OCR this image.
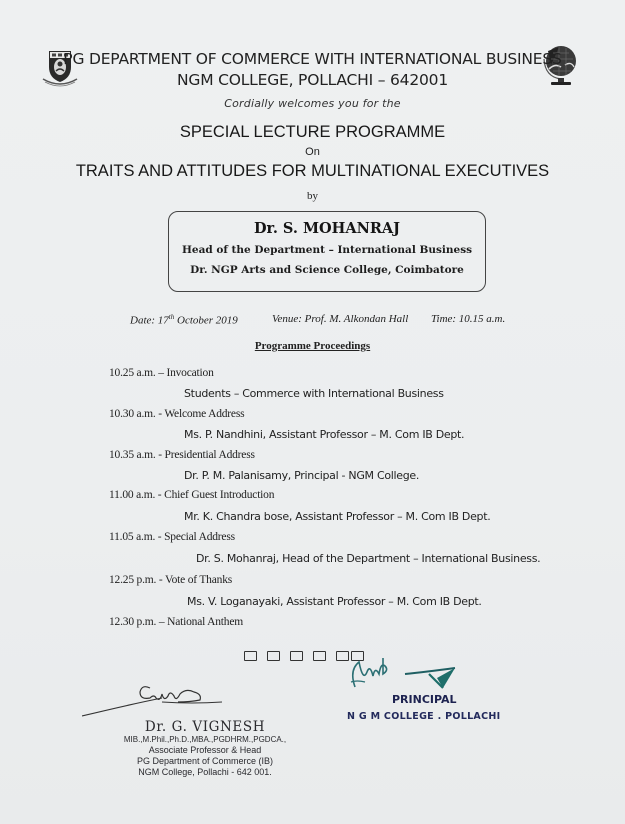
PG DEPARTMENT OF COMMERCE WITH INTERNATIONAL BUSINESS
NGM COLLEGE, POLLACHI – 642001
Cordially welcomes you for the
SPECIAL LECTURE PROGRAMME
On
TRAITS AND ATTITUDES FOR MULTINATIONAL EXECUTIVES
by
Dr. S. MOHANRAJ
Head of the Department – International Business
Dr. NGP Arts and Science College, Coimbatore
Date: 17th October 2019	Venue: Prof. M. Alkondan Hall Time: 10.15 a.m.
Programme Proceedings
10.25 a.m. – Invocation
Students – Commerce with International Business
10.30 a.m. - Welcome Address
Ms. P. Nandhini, Assistant Professor – M. Com IB Dept.
10.35 a.m. - Presidential Address
Dr. P. M. Palanisamy, Principal - NGM College.
11.00 a.m. - Chief Guest Introduction
Mr. K. Chandra bose, Assistant Professor – M. Com IB Dept.
11.05 a.m. - Special Address
Dr. S. Mohanraj, Head of the Department – International Business.
12.25 p.m. - Vote of Thanks
Ms. V. Loganayaki, Assistant Professor – M. Com IB Dept.
12.30 p.m. – National Anthem
PRINCIPAL
N G M COLLEGE . POLLACHI
Dr. G. VIGNESH
MIB.,M.Phil.,Ph.D.,MBA.,PGDHRM.,PGDCA.,
Associate Professor & Head
PG Department of Commerce (IB)
NGM College, Pollachi - 642 001.
